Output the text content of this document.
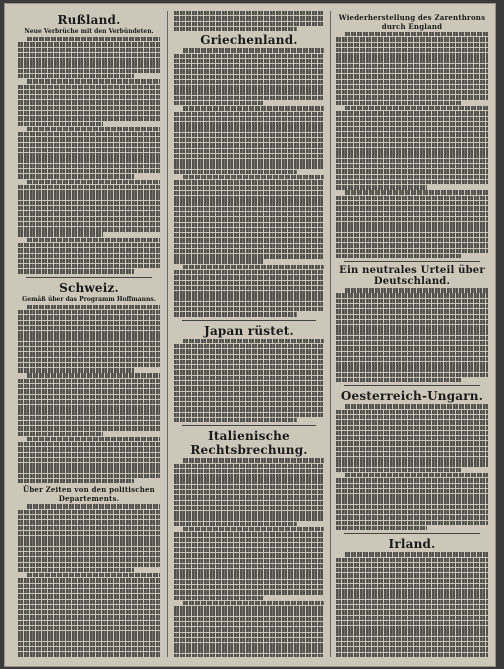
Rußland.
Neue Verbrüche mit den Verbündeten.
Schweiz.
Gemäß über das Programm Hoffmanns.
Über Zeiten von den politischen Departements.
Griechenland.
Japan rüstet.
Italienische Rechtsbrechung.
Wiederherstellung des Zarenthrons durch England
Ein neutrales Urteil über Deutschland.
Oesterreich-Ungarn.
Irland.
